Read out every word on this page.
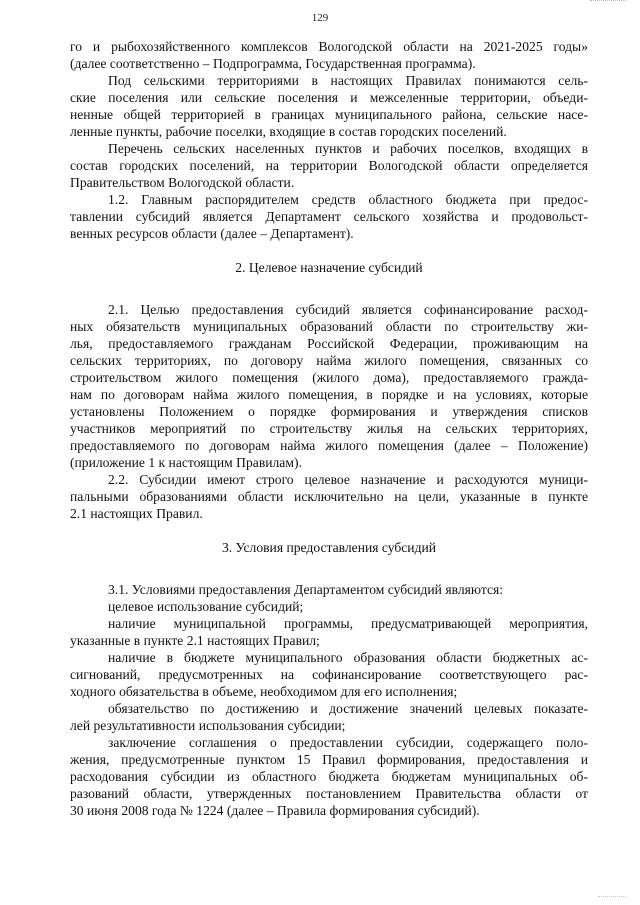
129
го и рыбохозяйственного комплексов Вологодской области на 2021-2025 годы»
(далее соответственно – Подпрограмма, Государственная программа).
Под сельскими территориями в настоящих Правилах понимаются сель-
ские поселения или сельские поселения и межселенные территории, объеди-
ненные общей территорией в границах муниципального района, сельские насе-
ленные пункты, рабочие поселки, входящие в состав городских поселений.
Перечень сельских населенных пунктов и рабочих поселков, входящих в
состав городских поселений, на территории Вологодской области определяется
Правительством Вологодской области.
1.2. Главным распорядителем средств областного бюджета при предос-
тавлении субсидий является Департамент сельского хозяйства и продовольст-
венных ресурсов области (далее – Департамент).
2. Целевое назначение субсидий
2.1. Целью предоставления субсидий является софинансирование расход-
ных обязательств муниципальных образований области по строительству жи-
лья, предоставляемого гражданам Российской Федерации, проживающим на
сельских территориях, по договору найма жилого помещения, связанных со
строительством жилого помещения (жилого дома), предоставляемого гражда-
нам по договорам найма жилого помещения, в порядке и на условиях, которые
установлены Положением о порядке формирования и утверждения списков
участников мероприятий по строительству жилья на сельских территориях,
предоставляемого по договорам найма жилого помещения (далее – Положение)
(приложение 1 к настоящим Правилам).
2.2. Субсидии имеют строго целевое назначение и расходуются муници-
пальными образованиями области исключительно на цели, указанные в пункте
2.1 настоящих Правил.
3. Условия предоставления субсидий
3.1. Условиями предоставления Департаментом субсидий являются:
целевое использование субсидий;
наличие муниципальной программы, предусматривающей мероприятия,
указанные в пункте 2.1 настоящих Правил;
наличие в бюджете муниципального образования области бюджетных ас-
сигнований, предусмотренных на софинансирование соответствующего рас-
ходного обязательства в объеме, необходимом для его исполнения;
обязательство по достижению и достижение значений целевых показате-
лей результативности использования субсидии;
заключение соглашения о предоставлении субсидии, содержащего поло-
жения, предусмотренные пунктом 15 Правил формирования, предоставления и
расходования субсидии из областного бюджета бюджетам муниципальных об-
разований области, утвержденных постановлением Правительства области от
30 июня 2008 года № 1224 (далее – Правила формирования субсидий).
